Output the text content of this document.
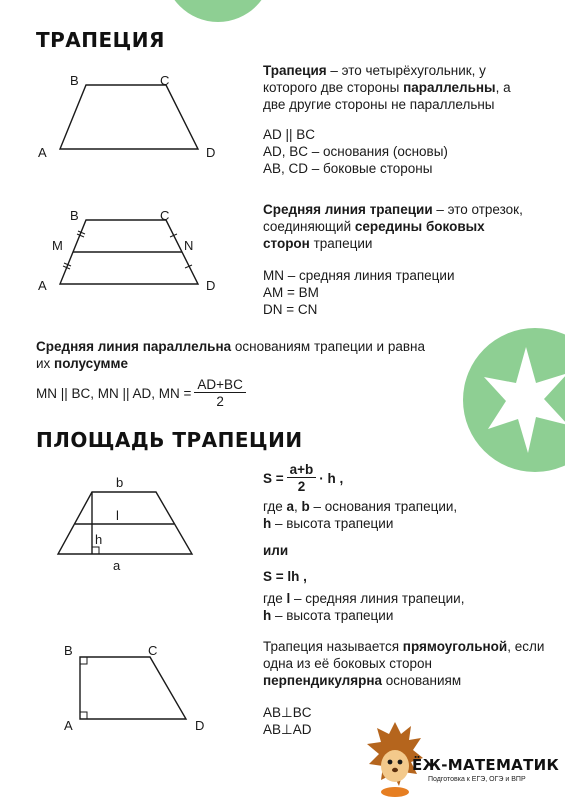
ТРАПЕЦИЯ
B	C
A	D

Трапеция – это четырёхугольник, у которого две стороны параллельны, а две другие стороны не параллельны

AD || BC
AD, BC – основания (основы)
AB, CD – боковые стороны
B	C
M	N
A	D

Средняя линия трапеции – это отрезок, соединяющий середины боковых сторон трапеции

MN – средняя линия трапеции
AM = BM
DN = CN

Средняя линия параллельна основаниям трапеции и равна их полусумме

MN || BC, MN || AD, MN = $\frac{AD+BC}{2}$
ПЛОЩАДЬ ТРАПЕЦИИ
b
l
h
a
$S = \frac{a+b}{2} \cdot h$ ,
где a, b – основания трапеции,
h – высота трапеции
или
S = lh ,
где l – средняя линия трапеции,
h – высота трапеции
B	C
A	D

Трапеция называется прямоугольной, если одна из её боковых сторон перпендикулярна основаниям

AB⊥BC
AB⊥AD
ЁЖ-МАТЕМАТИК
Подготовка к ЕГЭ, ОГЭ и ВПР
